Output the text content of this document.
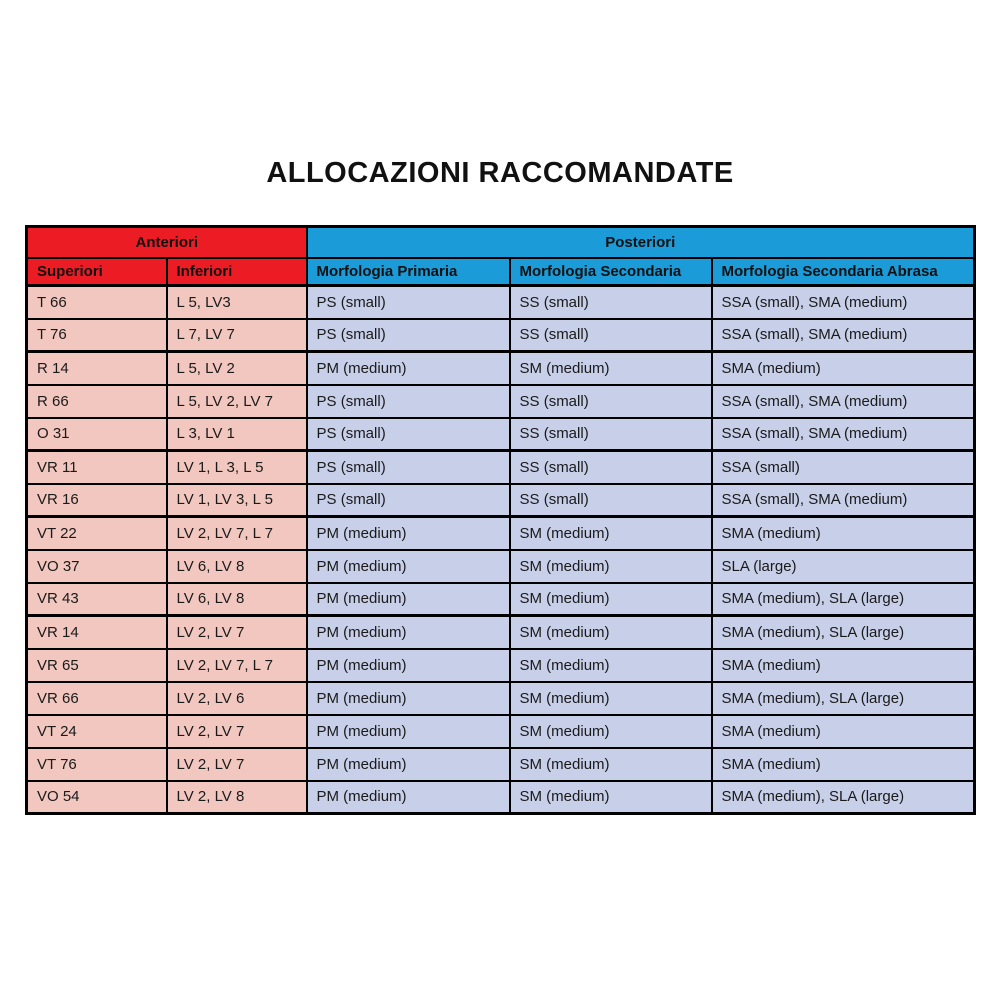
ALLOCAZIONI RACCOMANDATE
Anteriori		Posteriori		
Superiori	Inferiori	Morfologia Primaria	Morfologia Secondaria	Morfologia Secondaria Abrasa
T 66	L 5, LV3	PS (small)	SS (small)	SSA (small), SMA (medium)
T 76	L 7, LV 7	PS (small)	SS (small)	SSA (small), SMA (medium)
R 14	L 5, LV 2	PM (medium)	SM (medium)	SMA (medium)
R 66	L 5, LV 2, LV 7	PS (small)	SS (small)	SSA (small), SMA (medium)
O 31	L 3, LV 1	PS (small)	SS (small)	SSA (small), SMA (medium)
VR 11	LV 1, L 3, L 5	PS (small)	SS (small)	SSA (small)
VR 16	LV 1, LV 3, L 5	PS (small)	SS (small)	SSA (small), SMA (medium)
VT 22	LV 2, LV 7, L 7	PM (medium)	SM (medium)	SMA (medium)
VO 37	LV 6, LV 8	PM (medium)	SM (medium)	SLA (large)
VR 43	LV 6, LV 8	PM (medium)	SM (medium)	SMA (medium), SLA (large)
VR 14	LV 2, LV 7	PM (medium)	SM (medium)	SMA (medium), SLA (large)
VR 65	LV 2, LV 7, L 7	PM (medium)	SM (medium)	SMA (medium)
VR 66	LV 2, LV 6	PM (medium)	SM (medium)	SMA (medium), SLA (large)
VT 24	LV 2, LV 7	PM (medium)	SM (medium)	SMA (medium)
VT 76	LV 2, LV 7	PM (medium)	SM (medium)	SMA (medium)
VO 54	LV 2, LV 8	PM (medium)	SM (medium)	SMA (medium), SLA (large)
